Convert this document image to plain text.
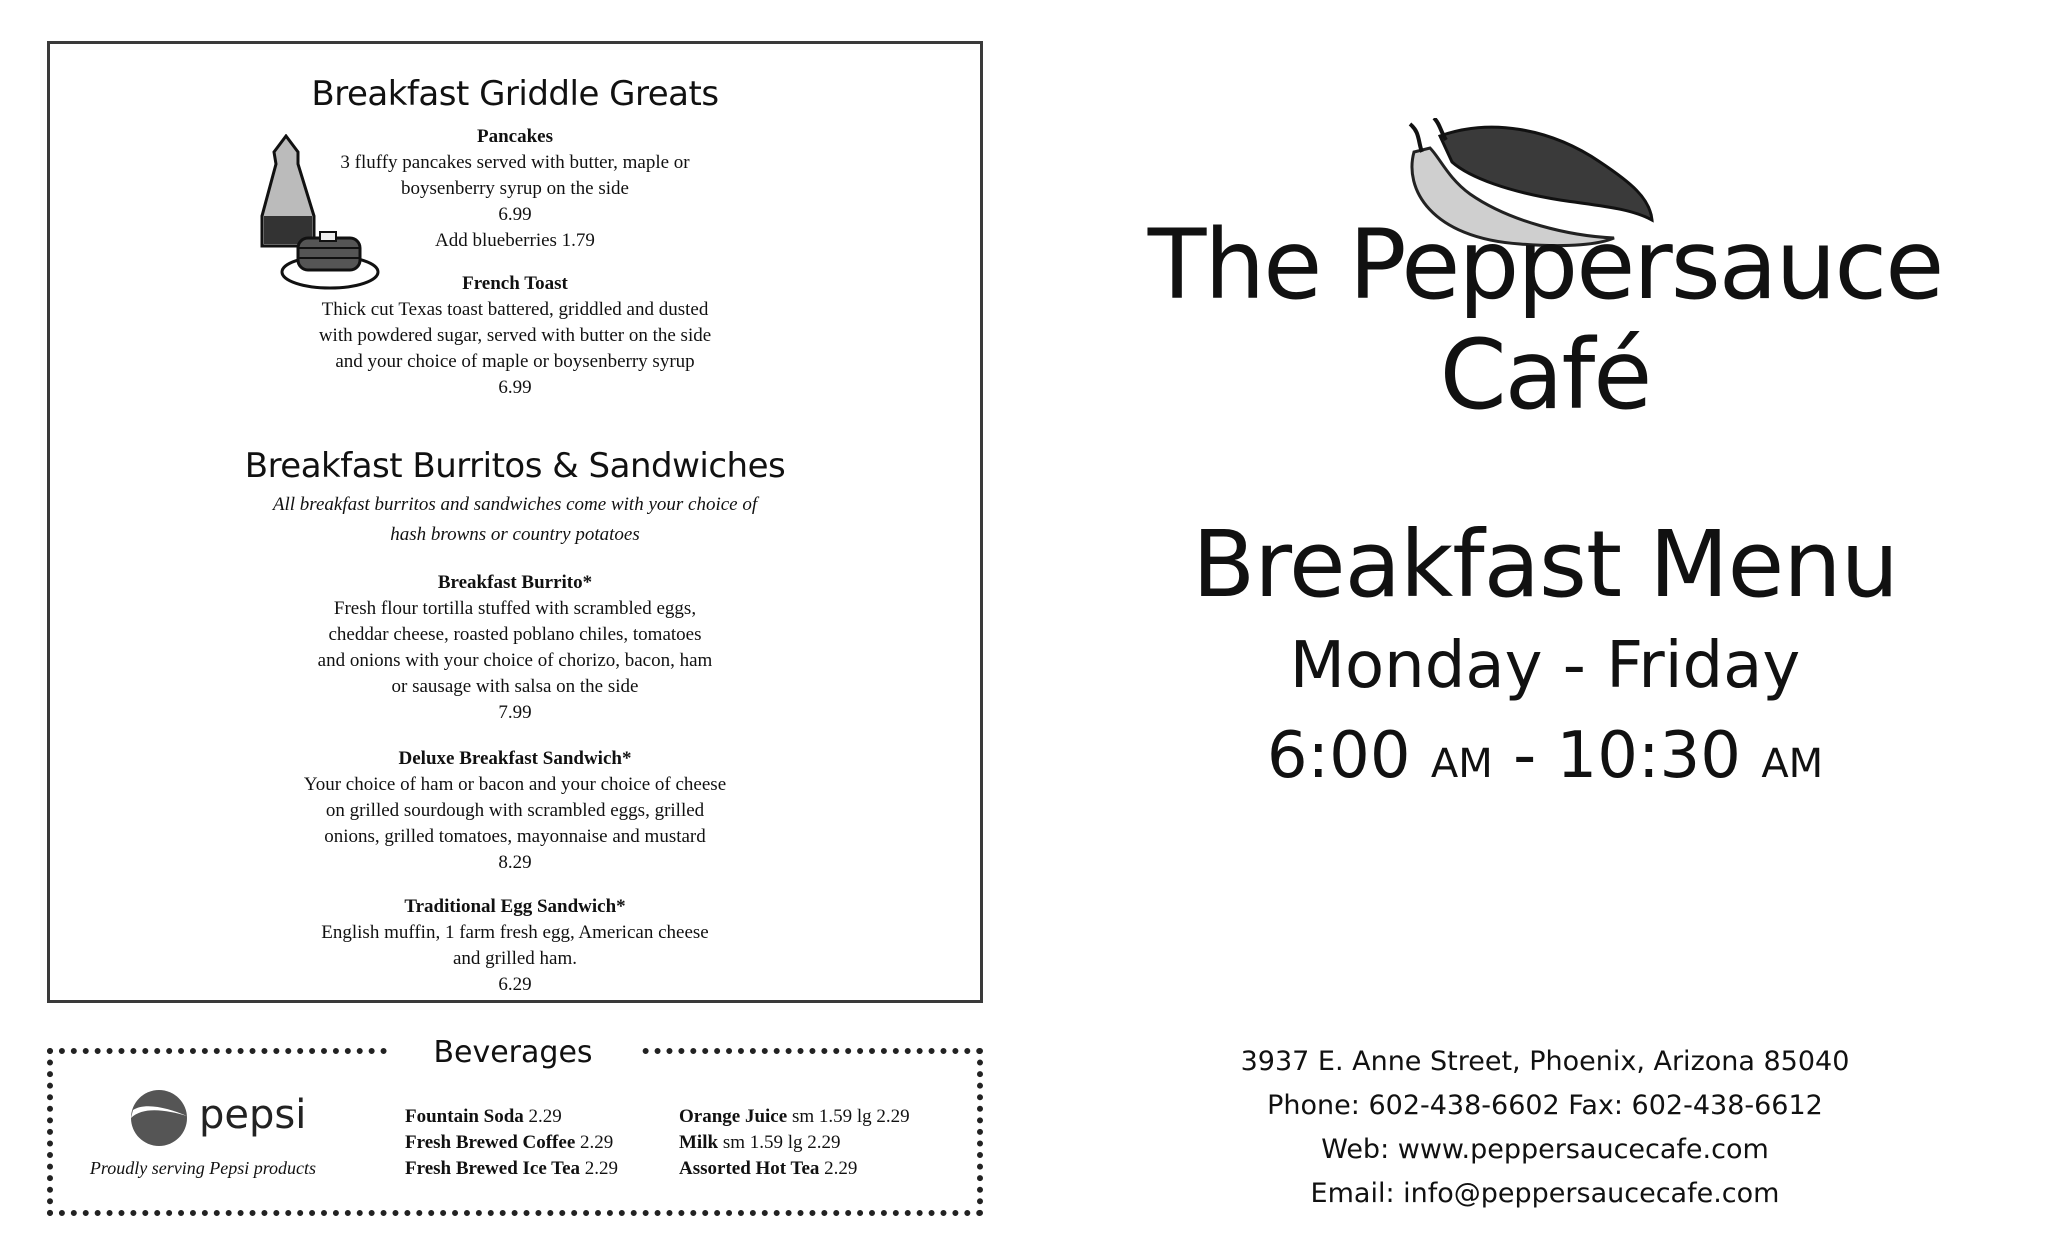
Breakfast Griddle Greats
Pancakes
3 fluffy pancakes served with butter, maple or
boysenberry syrup on the side
6.99
Add blueberries 1.79
French Toast
Thick cut Texas toast battered, griddled and dusted
with powdered sugar, served with butter on the side
and your choice of maple or boysenberry syrup
6.99
Breakfast Burritos & Sandwiches
All breakfast burritos and sandwiches come with your choice of
hash browns or country potatoes
Breakfast Burrito*
Fresh flour tortilla stuffed with scrambled eggs,
cheddar cheese, roasted poblano chiles, tomatoes
and onions with your choice of chorizo, bacon, ham
or sausage with salsa on the side
7.99
Deluxe Breakfast Sandwich*
Your choice of ham or bacon and your choice of cheese
on grilled sourdough with scrambled eggs, grilled
onions, grilled tomatoes, mayonnaise and mustard
8.29
Traditional Egg Sandwich*
English muffin, 1 farm fresh egg, American cheese
and grilled ham.
6.29
Beverages
pepsi
Proudly serving Pepsi products
Fountain Soda 2.29
Fresh Brewed Coffee 2.29
Fresh Brewed Ice Tea 2.29
Orange Juice sm 1.59 lg 2.29
Milk sm 1.59 lg 2.29
Assorted Hot Tea 2.29
The Peppersauce Café
Breakfast Menu
Monday - Friday
6:00 AM - 10:30 AM
3937 E. Anne Street, Phoenix, Arizona 85040
Phone: 602-438-6602 Fax: 602-438-6612
Web: www.peppersaucecafe.com
Email: info@peppersaucecafe.com
